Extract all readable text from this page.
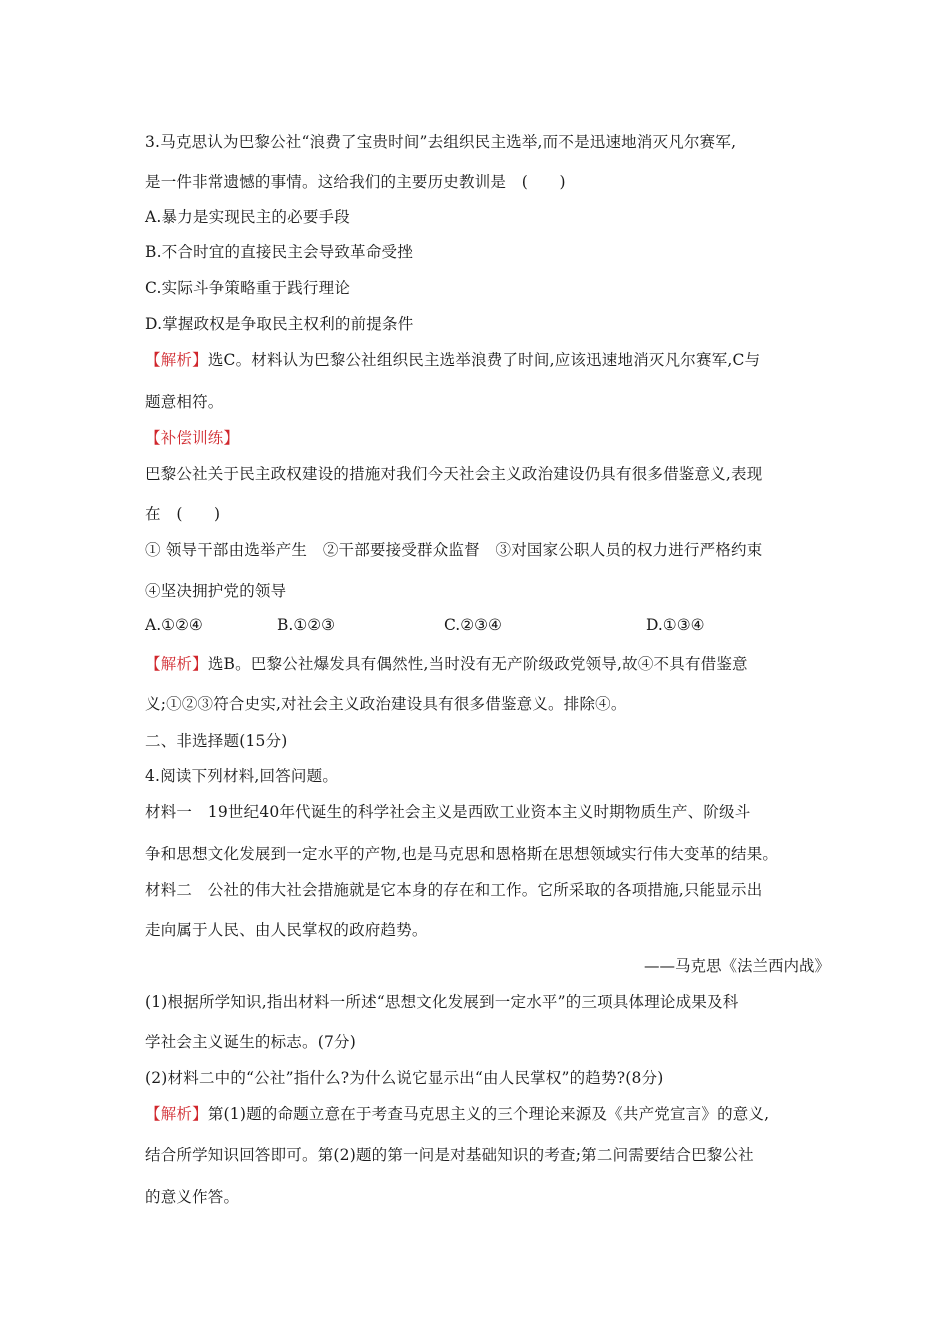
3.马克思认为巴黎公社“浪费了宝贵时间”去组织民主选举,而不是迅速地消灭凡尔赛军,
是一件非常遗憾的事情。这给我们的主要历史教训是　(　　)
A.暴力是实现民主的必要手段
B.不合时宜的直接民主会导致革命受挫
C.实际斗争策略重于践行理论
D.掌握政权是争取民主权利的前提条件
【解析】选C。材料认为巴黎公社组织民主选举浪费了时间,应该迅速地消灭凡尔赛军,C与
题意相符。
【补偿训练】
巴黎公社关于民主政权建设的措施对我们今天社会主义政治建设仍具有很多借鉴意义,表现
在　(　　)
① 领导干部由选举产生　②干部要接受群众监督　③对国家公职人员的权力进行严格约束
④坚决拥护党的领导
A.①②④	B.①②③	C.②③④	D.①③④
【解析】选B。巴黎公社爆发具有偶然性,当时没有无产阶级政党领导,故④不具有借鉴意
义;①②③符合史实,对社会主义政治建设具有很多借鉴意义。排除④。
二、非选择题(15分)
4.阅读下列材料,回答问题。
材料一　19世纪40年代诞生的科学社会主义是西欧工业资本主义时期物质生产、阶级斗
争和思想文化发展到一定水平的产物,也是马克思和恩格斯在思想领域实行伟大变革的结果。
材料二　公社的伟大社会措施就是它本身的存在和工作。它所采取的各项措施,只能显示出
走向属于人民、由人民掌权的政府趋势。
——马克思《法兰西内战》
(1)根据所学知识,指出材料一所述“思想文化发展到一定水平”的三项具体理论成果及科
学社会主义诞生的标志。(7分)
(2)材料二中的“公社”指什么?为什么说它显示出“由人民掌权”的趋势?(8分)
【解析】第(1)题的命题立意在于考查马克思主义的三个理论来源及《共产党宣言》的意义,
结合所学知识回答即可。第(2)题的第一问是对基础知识的考查;第二问需要结合巴黎公社
的意义作答。
